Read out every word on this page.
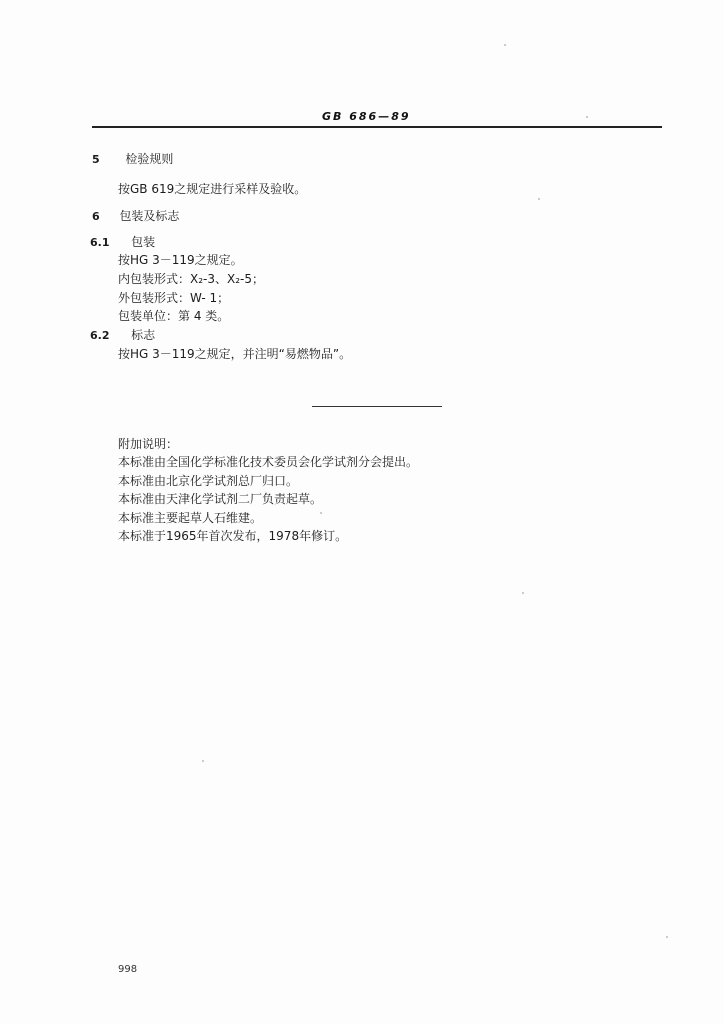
GB 686—89
5 检验规则
按GB 619之规定进行采样及验收。
6 包装及标志
6.1 包装
按HG 3－119之规定。
内包装形式：X₂-3、X₂-5；
外包装形式：W- 1；
包装单位：第 4 类。
6.2 标志
按HG 3－119之规定，并注明“易燃物品”。
附加说明：
本标准由全国化学标准化技术委员会化学试剂分会提出。
本标准由北京化学试剂总厂归口。
本标准由天津化学试剂二厂负责起草。
本标准主要起草人石维建。
本标准于1965年首次发布，1978年修订。
998
